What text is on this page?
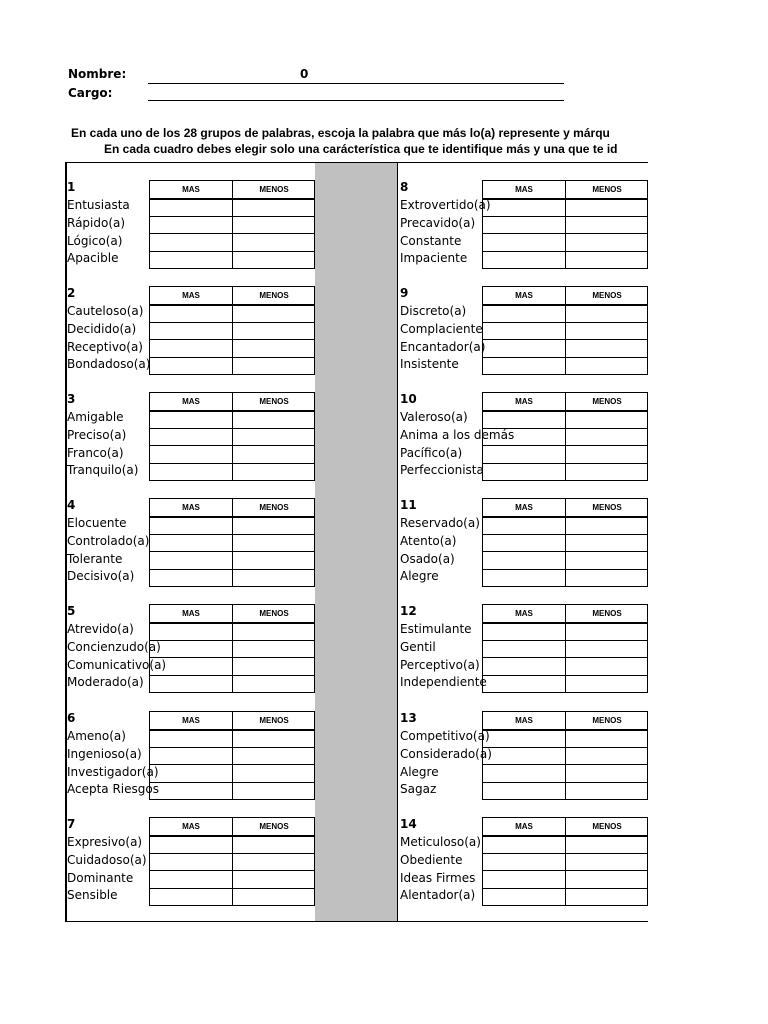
Nombre:	0
Cargo:
En cada uno de los 28 grupos de palabras, escoja la palabra que más lo(a) represente y márqu
En cada cuadro debes elegir solo una carácterística que te identifique más y una que te id
1	MAS	MENOS
Entusiasta
Rápido(a)
Lógico(a)
Apacible
2	MAS	MENOS
Cauteloso(a)
Decidido(a)
Receptivo(a)
Bondadoso(a)
3	MAS	MENOS
Amigable
Preciso(a)
Franco(a)
Tranquilo(a)
4	MAS	MENOS
Elocuente
Controlado(a)
Tolerante
Decisivo(a)
5	MAS	MENOS
Atrevido(a)
Concienzudo(a)
Comunicativo(a)
Moderado(a)
6	MAS	MENOS
Ameno(a)
Ingenioso(a)
Investigador(a)
Acepta Riesgos
7	MAS	MENOS
Expresivo(a)
Cuidadoso(a)
Dominante
Sensible
8	MAS	MENOS
Extrovertido(a)
Precavido(a)
Constante
Impaciente
9	MAS	MENOS
Discreto(a)
Complaciente
Encantador(a)
Insistente
10	MAS	MENOS
Valeroso(a)
Anima a los demás
Pacífico(a)
Perfeccionista
11	MAS	MENOS
Reservado(a)
Atento(a)
Osado(a)
Alegre
12	MAS	MENOS
Estimulante
Gentil
Perceptivo(a)
Independiente
13	MAS	MENOS
Competitivo(a)
Considerado(a)
Alegre
Sagaz
14	MAS	MENOS
Meticuloso(a)
Obediente
Ideas Firmes
Alentador(a)
